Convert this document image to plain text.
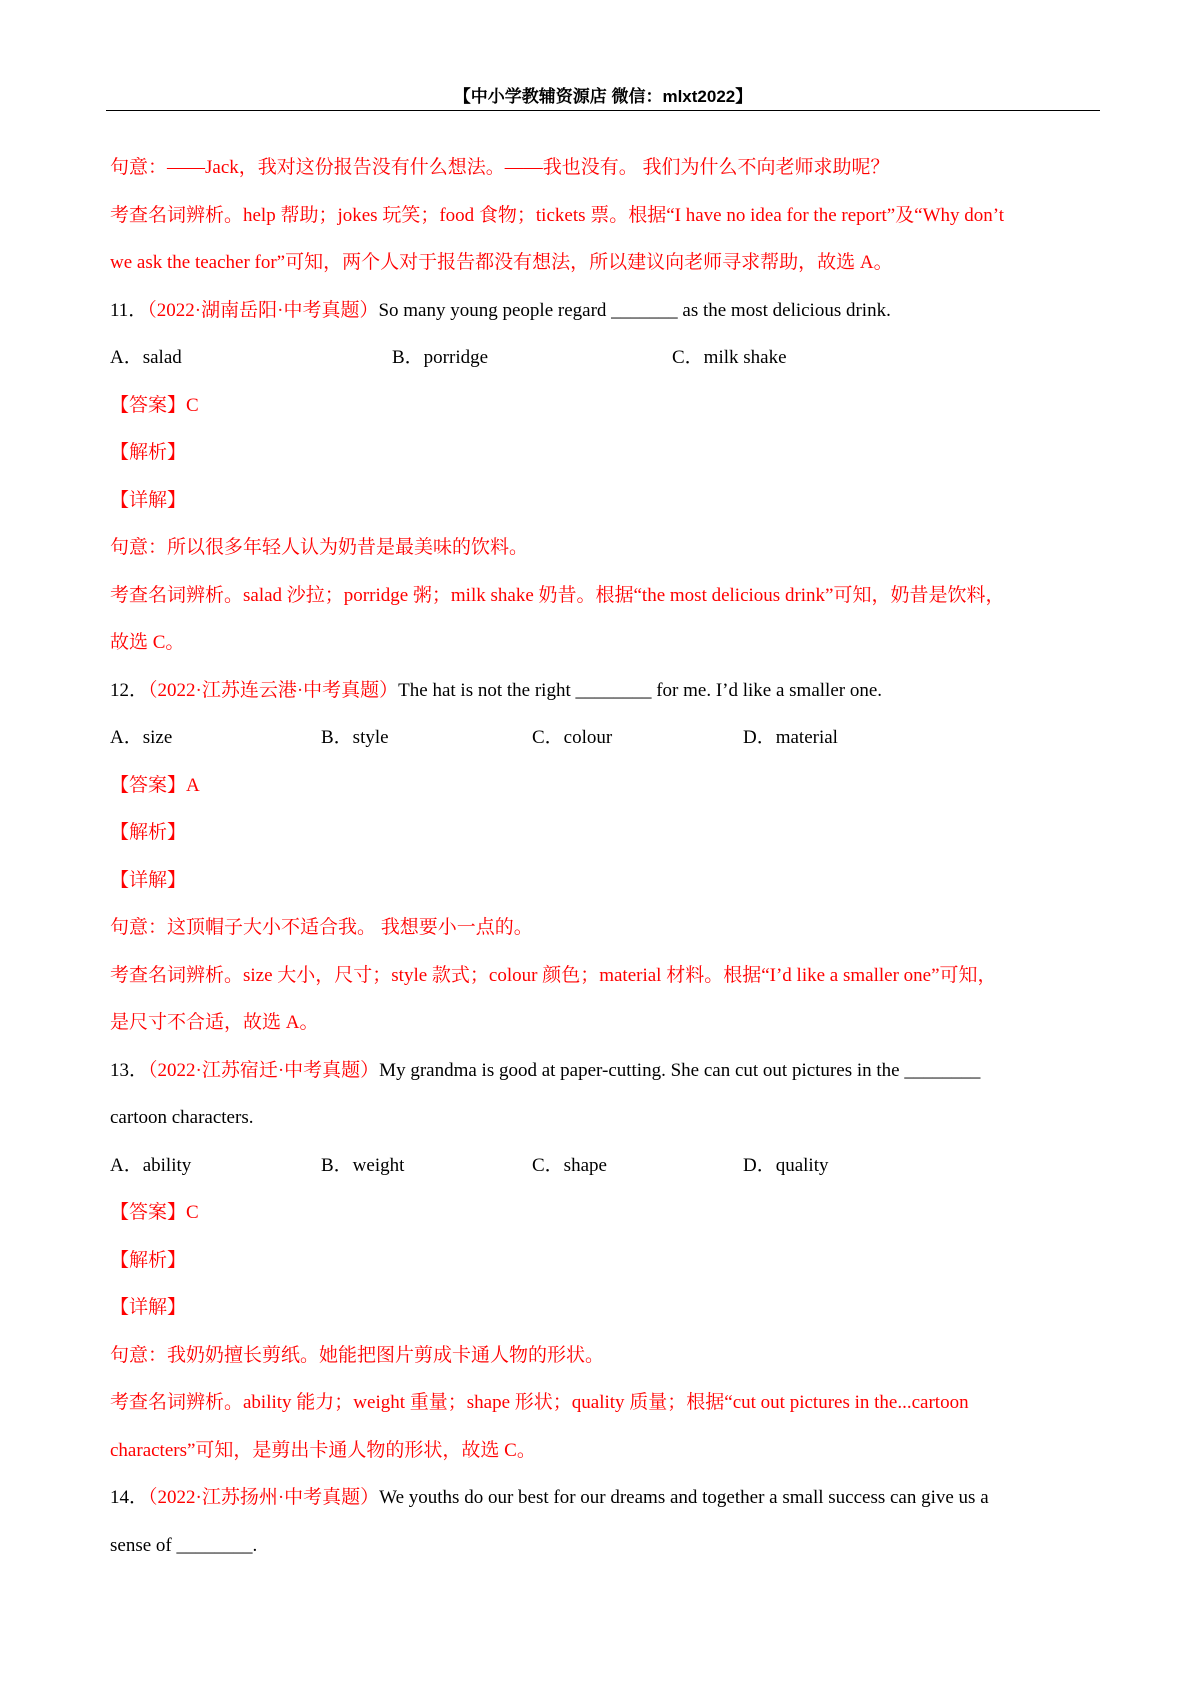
【中小学教辅资源店 微信：mlxt2022】
句意：——Jack，我对这份报告没有什么想法。——我也没有。 我们为什么不向老师求助呢？
考查名词辨析。help 帮助；jokes 玩笑；food 食物；tickets 票。根据“I have no idea for the report”及“Why don’t
we ask the teacher for”可知，两个人对于报告都没有想法，所以建议向老师寻求帮助，故选 A。
11．（2022·湖南岳阳·中考真题）So many young people regard _______ as the most delicious drink.
A．salad	B．porridge	C．milk shake
【答案】C
【解析】
【详解】
句意：所以很多年轻人认为奶昔是最美味的饮料。
考查名词辨析。salad 沙拉；porridge 粥；milk shake 奶昔。根据“the most delicious drink”可知，奶昔是饮料，
故选 C。
12．（2022·江苏连云港·中考真题）The hat is not the right ________ for me. I’d like a smaller one.
A．size	B．style	C．colour	D．material
【答案】A
【解析】
【详解】
句意：这顶帽子大小不适合我。 我想要小一点的。
考查名词辨析。size 大小，尺寸；style 款式；colour 颜色；material 材料。根据“I’d like a smaller one”可知，
是尺寸不合适，故选 A。
13．（2022·江苏宿迁·中考真题）My grandma is good at paper-cutting. She can cut out pictures in the ________
cartoon characters.
A．ability	B．weight	C．shape	D．quality
【答案】C
【解析】
【详解】
句意：我奶奶擅长剪纸。她能把图片剪成卡通人物的形状。
考查名词辨析。ability 能力；weight 重量；shape 形状；quality 质量；根据“cut out pictures in the...cartoon
characters”可知，是剪出卡通人物的形状，故选 C。
14．（2022·江苏扬州·中考真题）We youths do our best for our dreams and together a small success can give us a
sense of ________.
